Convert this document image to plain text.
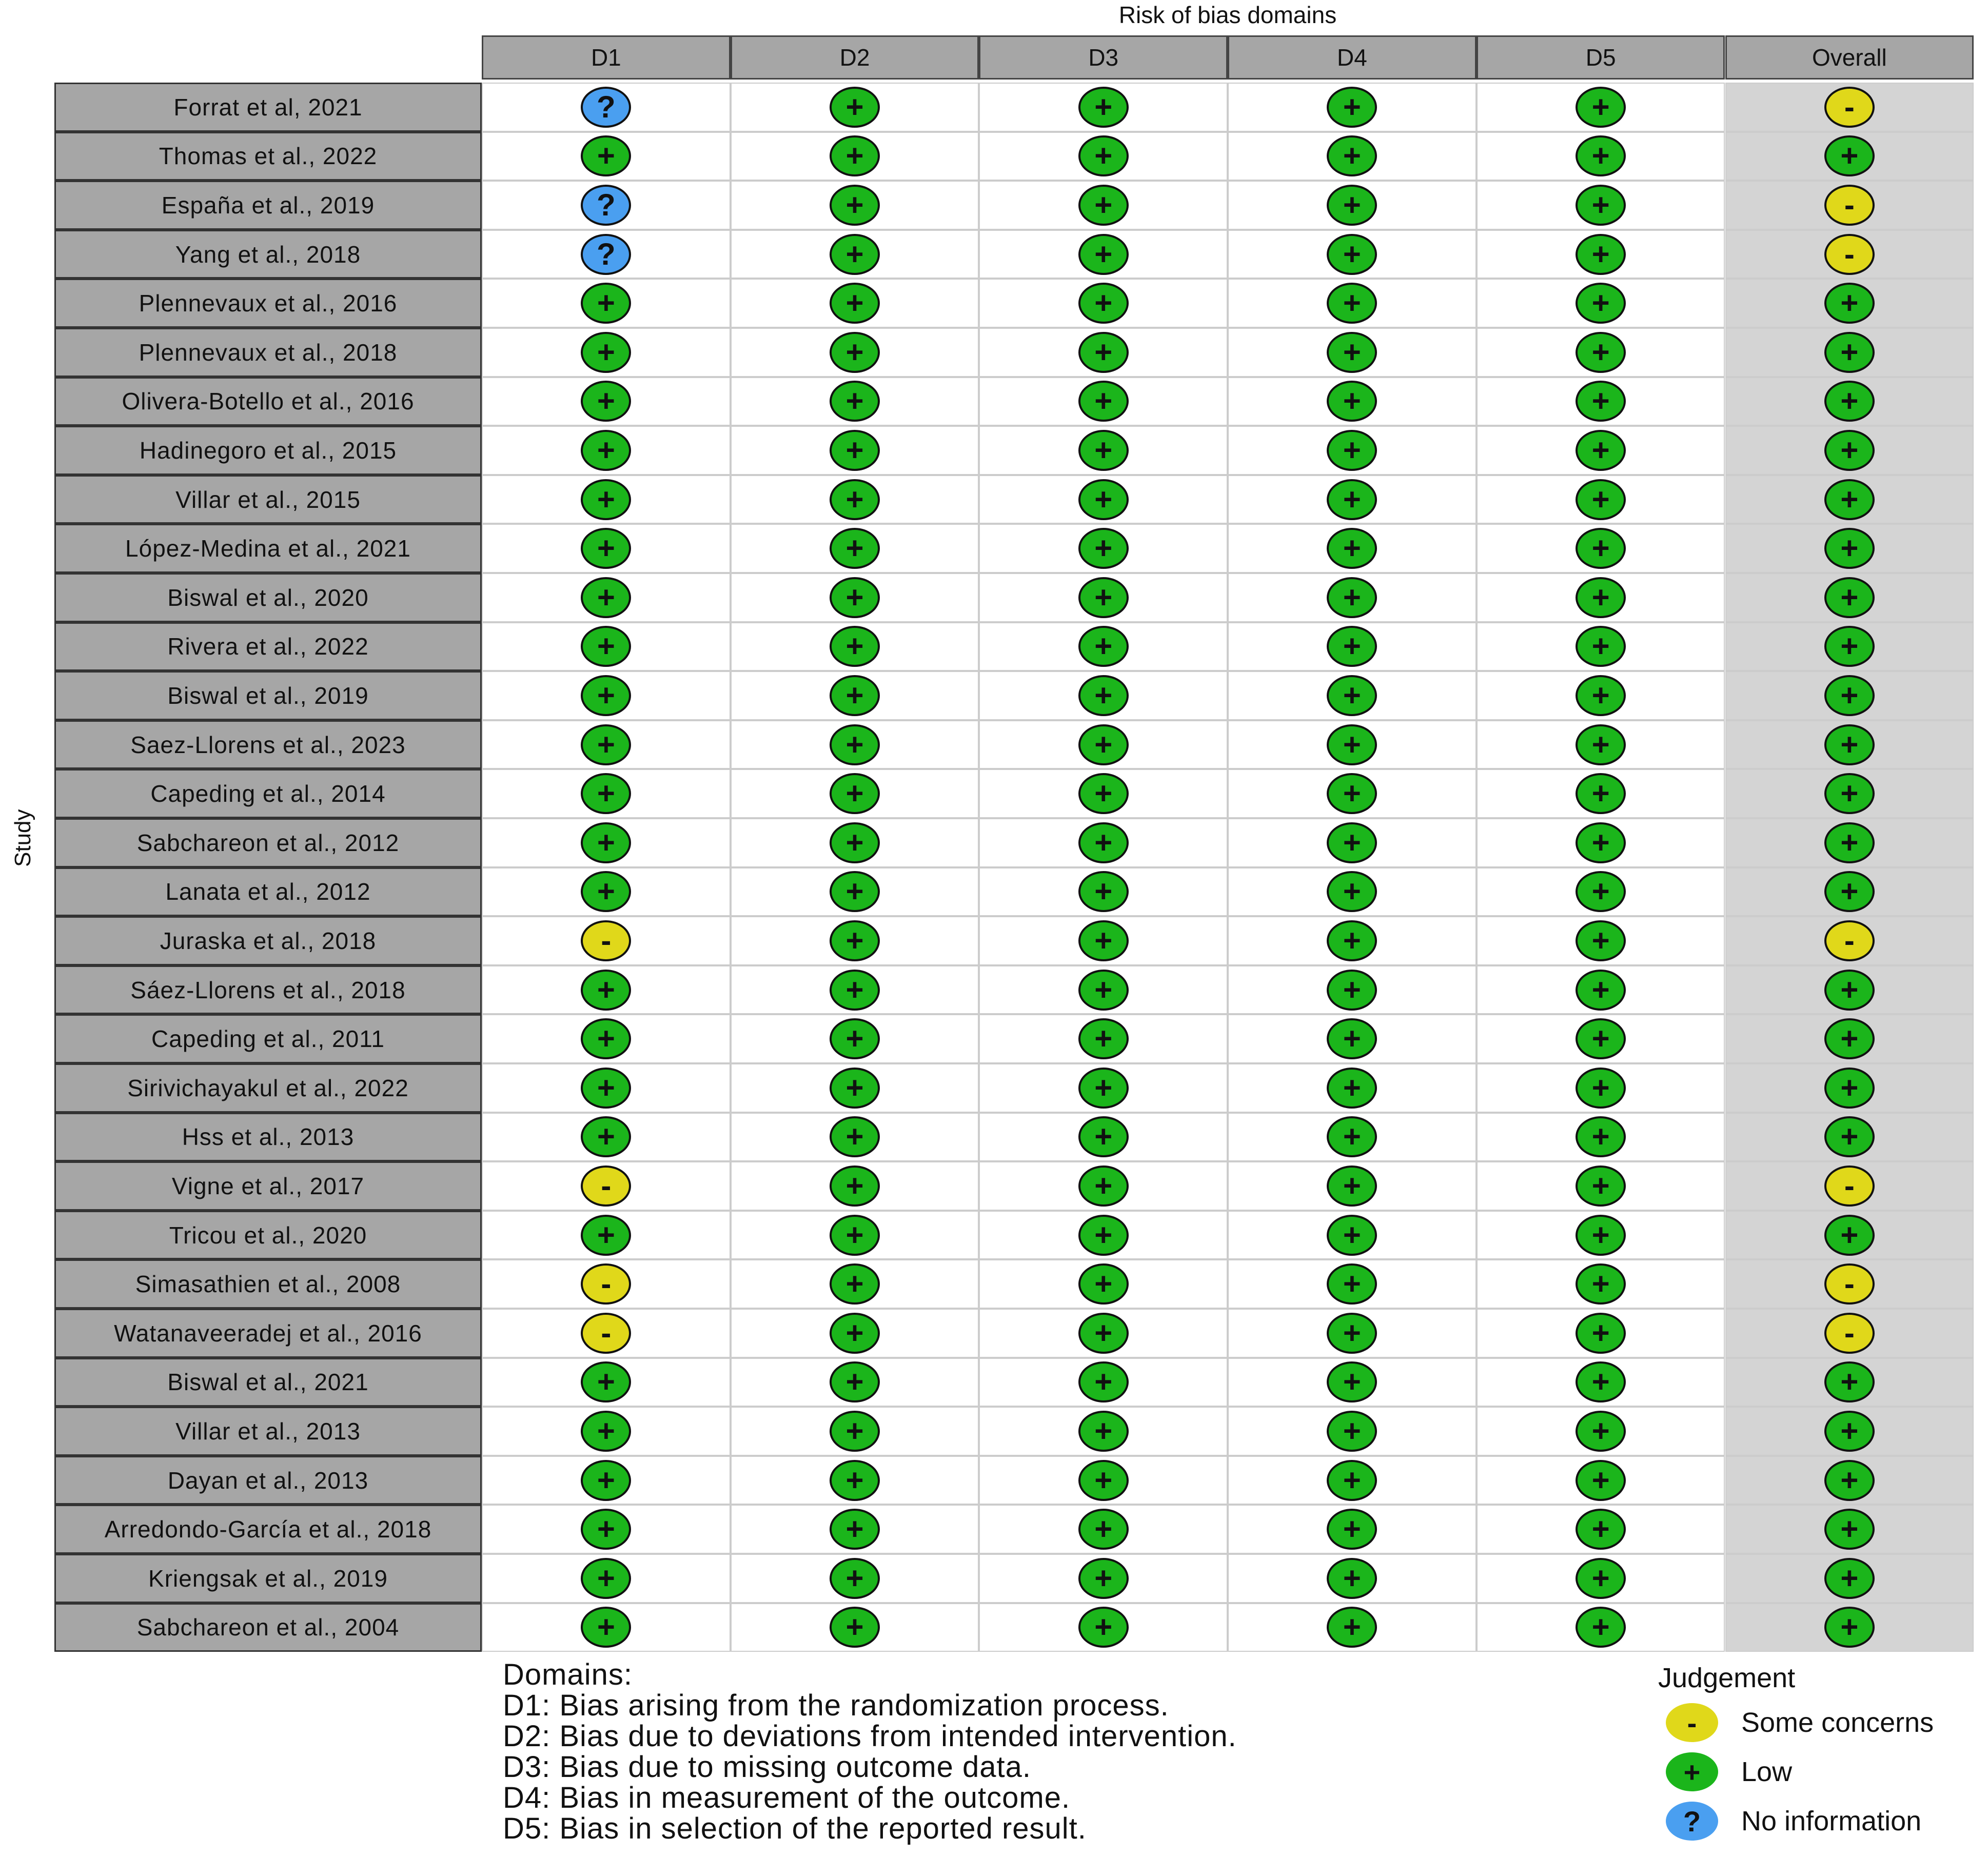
Risk of bias domains
D1	D2	D3	D4	D5	Overall
Forrat et al, 2021	?	+	+	+	+	-
Thomas et al., 2022	+	+	+	+	+	+
España et al., 2019	?	+	+	+	+	-
Yang et al., 2018	?	+	+	+	+	-
Plennevaux et al., 2016	+	+	+	+	+	+
Plennevaux et al., 2018	+	+	+	+	+	+
Olivera-Botello et al., 2016	+	+	+	+	+	+
Hadinegoro et al., 2015	+	+	+	+	+	+
Villar et al., 2015	+	+	+	+	+	+
López-Medina et al., 2021	+	+	+	+	+	+
Biswal et al., 2020	+	+	+	+	+	+
Rivera et al., 2022	+	+	+	+	+	+
Biswal et al., 2019	+	+	+	+	+	+
Saez-Llorens et al., 2023	+	+	+	+	+	+
Capeding et al., 2014	+	+	+	+	+	+
Sabchareon et al., 2012	+	+	+	+	+	+
Lanata et al., 2012	+	+	+	+	+	+
Juraska et al., 2018	-	+	+	+	+	-
Sáez-Llorens et al., 2018	+	+	+	+	+	+
Capeding et al., 2011	+	+	+	+	+	+
Sirivichayakul et al., 2022	+	+	+	+	+	+
Hss et al., 2013	+	+	+	+	+	+
Vigne et al., 2017	-	+	+	+	+	-
Tricou et al., 2020	+	+	+	+	+	+
Simasathien et al., 2008	-	+	+	+	+	-
Watanaveeradej et al., 2016	-	+	+	+	+	-
Biswal et al., 2021	+	+	+	+	+	+
Villar et al., 2013	+	+	+	+	+	+
Dayan et al., 2013	+	+	+	+	+	+
Arredondo-García et al., 2018	+	+	+	+	+	+
Kriengsak et al., 2019	+	+	+	+	+	+
Sabchareon et al., 2004	+	+	+	+	+	+
Study
Domains:
D1: Bias arising from the randomization process.
D2: Bias due to deviations from intended intervention.
D3: Bias due to missing outcome data.
D4: Bias in measurement of the outcome.
D5: Bias in selection of the reported result.
Judgement
-	Some concerns
+	Low
?	No information
